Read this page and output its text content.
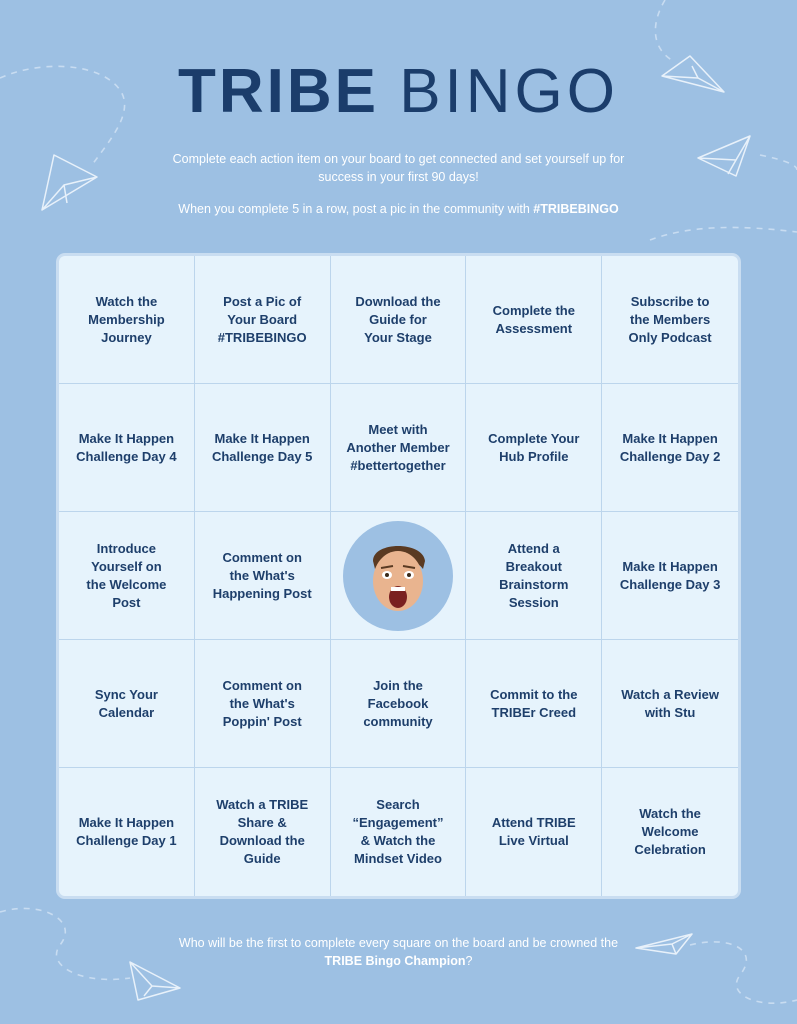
TRIBE BINGO
Complete each action item on your board to get connected and set yourself up for success in your first 90 days!
When you complete 5 in a row, post a pic in the community with #TRIBEBINGO
Watch the
Membership
Journey
Post a Pic of
Your Board
#TRIBEBINGO
Download the
Guide for
Your Stage
Complete the
Assessment
Subscribe to
the Members
Only Podcast
Make It Happen
Challenge Day 4
Make It Happen
Challenge Day 5
Meet with
Another Member
#bettertogether
Complete Your
Hub Profile
Make It Happen
Challenge Day 2
Introduce
Yourself on
the Welcome
Post
Comment on
the What's
Happening Post
Attend a
Breakout
Brainstorm
Session
Make It Happen
Challenge Day 3
Sync Your
Calendar
Comment on
the What's
Poppin' Post
Join the
Facebook
community
Commit to the
TRIBEr Creed
Watch a Review
with Stu
Make It Happen
Challenge Day 1
Watch a TRIBE
Share &
Download the
Guide
Search
“Engagement”
& Watch the
Mindset Video
Attend TRIBE
Live Virtual
Watch the
Welcome
Celebration
Who will be the first to complete every square on the board and be crowned the TRIBE Bingo Champion?
